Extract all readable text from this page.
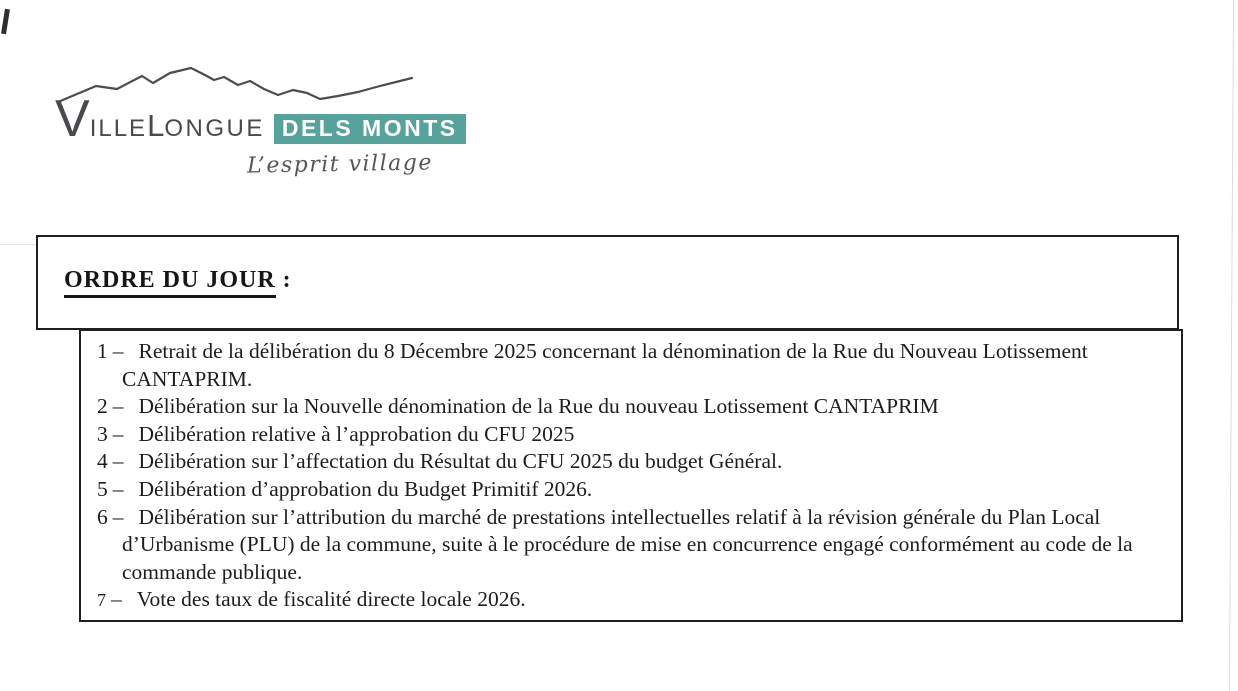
V ILLE L ONGUE DELS MONTS
L’esprit village
ORDRE DU JOUR :
1 – Retrait de la délibération du 8 Décembre 2025 concernant la dénomination de la Rue du Nouveau Lotissement CANTAPRIM.
2 – Délibération sur la Nouvelle dénomination de la Rue du nouveau Lotissement CANTAPRIM
3 – Délibération relative à l’approbation du CFU 2025
4 – Délibération sur l’affectation du Résultat du CFU 2025 du budget Général.
5 – Délibération d’approbation du Budget Primitif 2026.
6 – Délibération sur l’attribution du marché de prestations intellectuelles relatif à la révision générale du Plan Local d’Urbanisme (PLU) de la commune, suite à le procédure de mise en concurrence engagé conformément au code de la commande publique.
7 – Vote des taux de fiscalité directe locale 2026.
